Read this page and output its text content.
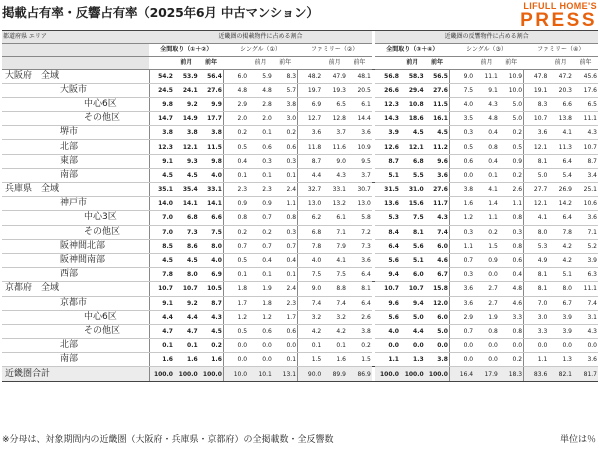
掲載占有率・反響占有率（2025年6月 中古マンション）	LIFULL HOME'S
PRESS
都道府県 エリア	近畿圏の掲載物件に占める割合										近畿圏の反響物件に占める割合								
	全間取り（①＋②）			シングル（①）			ファミリー（②）				全間取り（③＋④）			シングル（③）			ファミリー（④）		
		前月	前年		前月	前年		前月	前年			前月	前年		前月	前年		前月	前年
大阪府　全域	54.2	53.9	56.4	6.0	5.9	8.3	48.2	47.9	48.1		56.8	58.3	56.5	9.0	11.1	10.9	47.8	47.2	45.6
大阪市	24.5	24.1	27.6	4.8	4.8	5.7	19.7	19.3	20.5		26.6	29.4	27.6	7.5	9.1	10.0	19.1	20.3	17.6
中心6区	9.8	9.2	9.9	2.9	2.8	3.8	6.9	6.5	6.1		12.3	10.8	11.5	4.0	4.3	5.0	8.3	6.6	6.5
その他区	14.7	14.9	17.7	2.0	2.0	3.0	12.7	12.8	14.4		14.3	18.6	16.1	3.5	4.8	5.0	10.7	13.8	11.1
堺市	3.8	3.8	3.8	0.2	0.1	0.2	3.6	3.7	3.6		3.9	4.5	4.5	0.3	0.4	0.2	3.6	4.1	4.3
北部	12.3	12.1	11.5	0.5	0.6	0.6	11.8	11.6	10.9		12.6	12.1	11.2	0.5	0.8	0.5	12.1	11.3	10.7
東部	9.1	9.3	9.8	0.4	0.3	0.3	8.7	9.0	9.5		8.7	6.8	9.6	0.6	0.4	0.9	8.1	6.4	8.7
南部	4.5	4.5	4.0	0.1	0.1	0.1	4.4	4.3	3.7		5.1	5.5	3.6	0.0	0.1	0.2	5.0	5.4	3.4
兵庫県　全域	35.1	35.4	33.1	2.3	2.3	2.4	32.7	33.1	30.7		31.5	31.0	27.6	3.8	4.1	2.6	27.7	26.9	25.1
神戸市	14.0	14.1	14.1	0.9	0.9	1.1	13.0	13.2	13.0		13.6	15.6	11.7	1.6	1.4	1.1	12.1	14.2	10.6
中心3区	7.0	6.8	6.6	0.8	0.7	0.8	6.2	6.1	5.8		5.3	7.5	4.3	1.2	1.1	0.8	4.1	6.4	3.6
その他区	7.0	7.3	7.5	0.2	0.2	0.3	6.8	7.1	7.2		8.4	8.1	7.4	0.3	0.2	0.3	8.0	7.8	7.1
阪神間北部	8.5	8.6	8.0	0.7	0.7	0.7	7.8	7.9	7.3		6.4	5.6	6.0	1.1	1.5	0.8	5.3	4.2	5.2
阪神間南部	4.5	4.5	4.0	0.5	0.4	0.4	4.0	4.1	3.6		5.6	5.1	4.6	0.7	0.9	0.6	4.9	4.2	3.9
西部	7.8	8.0	6.9	0.1	0.1	0.1	7.5	7.5	6.4		9.4	6.0	6.7	0.3	0.0	0.4	8.1	5.1	6.3
京都府　全域	10.7	10.7	10.5	1.8	1.9	2.4	9.0	8.8	8.1		10.7	10.7	15.8	3.6	2.7	4.8	8.1	8.0	11.1
京都市	9.1	9.2	8.7	1.7	1.8	2.3	7.4	7.4	6.4		9.6	9.4	12.0	3.6	2.7	4.6	7.0	6.7	7.4
中心6区	4.4	4.4	4.3	1.2	1.2	1.7	3.2	3.2	2.6		5.6	5.0	6.0	2.9	1.9	3.3	3.0	3.9	3.1
その他区	4.7	4.7	4.5	0.5	0.6	0.6	4.2	4.2	3.8		4.0	4.4	5.0	0.7	0.8	0.8	3.3	3.9	4.3
北部	0.1	0.1	0.2	0.0	0.0	0.0	0.1	0.1	0.2		0.0	0.0	0.0	0.0	0.0	0.0	0.0	0.0	0.0
南部	1.6	1.6	1.6	0.0	0.0	0.1	1.5	1.6	1.5		1.1	1.3	3.8	0.0	0.0	0.2	1.1	1.3	3.6
近畿圏合計	100.0	100.0	100.0	10.0	10.1	13.1	90.0	89.9	86.9		100.0	100.0	100.0	16.4	17.9	18.3	83.6	82.1	81.7
※分母は、対象期間内の近畿圏（大阪府・兵庫県・京都府）の全掲載数・全反響数	単位は％
